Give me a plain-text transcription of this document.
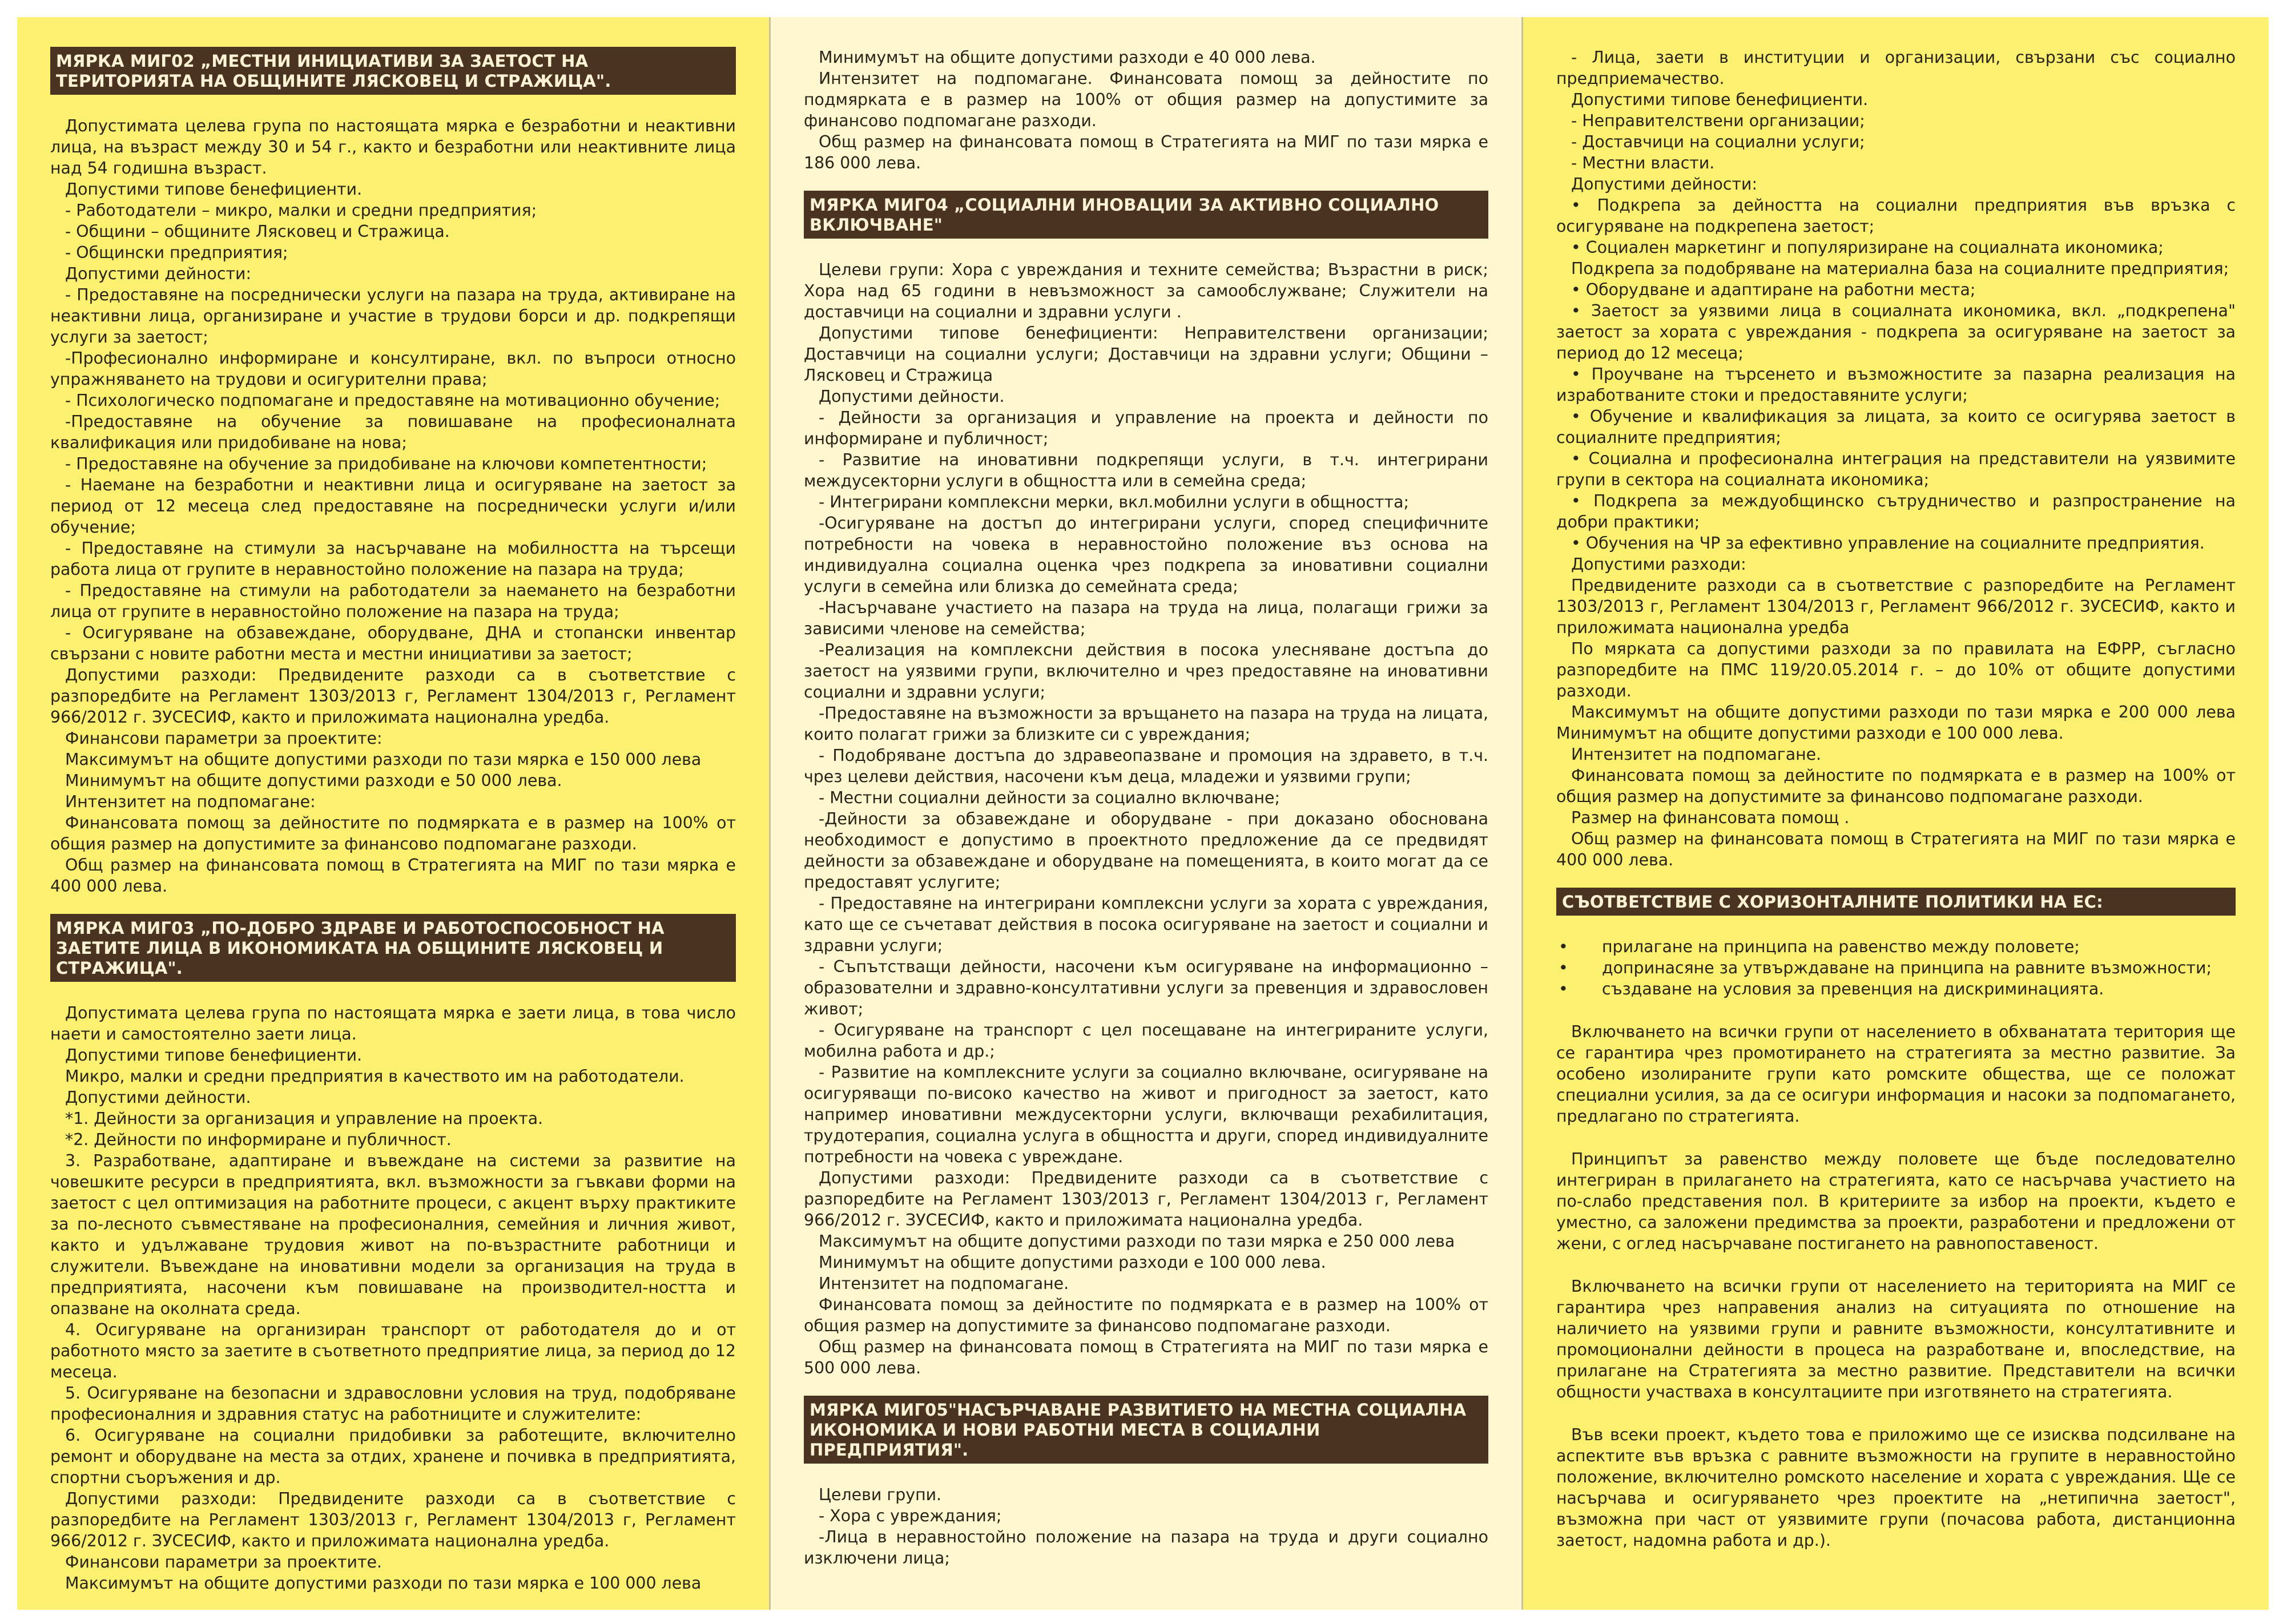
МЯРКА МИГ02 „МЕСТНИ ИНИЦИАТИВИ ЗА ЗАЕТОСТ НА ТЕРИТОРИЯТА НА ОБЩИНИТЕ ЛЯСКОВЕЦ И СТРАЖИЦА".

Допустимата целева група по настоящата мярка е безработни и неактивни лица, на възраст между 30 и 54 г., както и безработни или неактивните лица над 54 годишна възраст.

Допустими типове бенефициенти.

- Работодатели – микро, малки и средни предприятия;

- Общини – общините Лясковец и Стражица.

- Общински предприятия;

Допустими дейности:

- Предоставяне на посреднически услуги на пазара на труда, активиране на неактивни лица, организиране и участие в трудови борси и др. подкрепящи услуги за заетост;

-Професионално информиране и консултиране, вкл. по въпроси относно упражняването на трудови и осигурителни права;

- Психологическо подпомагане и предоставяне на мотивационно обучение;

-Предоставяне на обучение за повишаване на професионалната квалификация или придобиване на нова;

- Предоставяне на обучение за придобиване на ключови компетентности;

- Наемане на безработни и неактивни лица и осигуряване на заетост за период от 12 месеца след предоставяне на посреднически услуги и/или обучение;

- Предоставяне на стимули за насърчаване на мобилността на търсещи работа лица от групите в неравностойно положение на пазара на труда;

- Предоставяне на стимули на работодатели за наемането на безработни лица от групите в неравностойно положение на пазара на труда;

- Осигуряване на обзавеждане, оборудване, ДНА и стопански инвентар свързани с новите работни места и местни инициативи за заетост;

Допустими разходи: Предвидените разходи са в съответствие с разпоредбите на Регламент 1303/2013 г, Регламент 1304/2013 г, Регламент 966/2012 г. ЗУСЕСИФ, както и приложимата национална уредба.

Финансови параметри за проектите:

Максимумът на общите допустими разходи по тази мярка е 150 000 лева

Минимумът на общите допустими разходи е 50 000 лева.

Интензитет на подпомагане:

Финансовата помощ за дейностите по подмярката е в размер на 100% от общия размер на допустимите за финансово подпомагане разходи.

Общ размер на финансовата помощ в Стратегията на МИГ по тази мярка е 400 000 лева.

МЯРКА МИГ03 „ПО-ДОБРО ЗДРАВЕ И РАБОТОСПОСОБНОСТ НА ЗАЕТИТЕ ЛИЦА В ИКОНОМИКАТА НА ОБЩИНИТЕ ЛЯСКОВЕЦ И СТРАЖИЦА".

Допустимата целева група по настоящата мярка е заети лица, в това число наети и самостоятелно заети лица.

Допустими типове бенефициенти.

Микро, малки и средни предприятия в качеството им на работодатели.

Допустими дейности.

*1. Дейности за организация и управление на проекта.

*2. Дейности по информиране и публичност.

3. Разработване, адаптиране и въвеждане на системи за развитие на човешките ресурси в предприятията, вкл. възможности за гъвкави форми на заетост с цел оптимизация на работните процеси, с акцент върху практиките за по-лесното съвместяване на професионалния, семейния и личния живот, както и удължаване трудовия живот на по-възрастните работници и служители. Въвеждане на иновативни модели за организация на труда в предприятията, насочени към повишаване на производител-ността и опазване на околната среда.

4. Осигуряване на организиран транспорт от работодателя до и от работното място за заетите в съответното предприятие лица, за период до 12 месеца.

5. Осигуряване на безопасни и здравословни условия на труд, подобряване професионалния и здравния статус на работниците и служителите:

6. Осигуряване на социални придобивки за работещите, включително ремонт и оборудване на места за отдих, хранене и почивка в предприятията, спортни съоръжения и др.

Допустими разходи: Предвидените разходи са в съответствие с разпоредбите на Регламент 1303/2013 г, Регламент 1304/2013 г, Регламент 966/2012 г. ЗУСЕСИФ, както и приложимата национална уредба.

Финансови параметри за проектите.

Максимумът на общите допустими разходи по тази мярка е 100 000 лева

Минимумът на общите допустими разходи е 40 000 лева.

Интензитет на подпомагане. Финансовата помощ за дейностите по подмярката е в размер на 100% от общия размер на допустимите за финансово подпомагане разходи.

Общ размер на финансовата помощ в Стратегията на МИГ по тази мярка е 186 000 лева.

МЯРКА МИГ04 „СОЦИАЛНИ ИНОВАЦИИ ЗА АКТИВНО СОЦИАЛНО ВКЛЮЧВАНЕ"

Целеви групи: Хора с увреждания и техните семейства; Възрастни в риск; Хора над 65 години в невъзможност за самообслужване; Служители на доставчици на социални и здравни услуги .

Допустими типове бенефициенти: Неправителствени организации; Доставчици на социални услуги; Доставчици на здравни услуги; Общини – Лясковец и Стражица

Допустими дейности.

- Дейности за организация и управление на проекта и дейности по информиране и публичност;

- Развитие на иновативни подкрепящи услуги, в т.ч. интегрирани междусекторни услуги в общността или в семейна среда;

- Интегрирани комплексни мерки, вкл.мобилни услуги в общността;

-Осигуряване на достъп до интегрирани услуги, според специфичните потребности на човека в неравностойно положение въз основа на индивидуална социална оценка чрез подкрепа за иновативни социални услуги в семейна или близка до семейната среда;

-Насърчаване участието на пазара на труда на лица, полагащи грижи за зависими членове на семейства;

-Реализация на комплексни действия в посока улесняване достъпа до заетост на уязвими групи, включително и чрез предоставяне на иновативни социални и здравни услуги;

-Предоставяне на възможности за връщането на пазара на труда на лицата, които полагат грижи за близките си с увреждания;

- Подобряване достъпа до здравеопазване и промоция на здравето, в т.ч. чрез целеви действия, насочени към деца, младежи и уязвими групи;

- Местни социални дейности за социално включване;

-Дейности за обзавеждане и оборудване - при доказано обоснована необходимост е допустимо в проектното предложение да се предвидят дейности за обзавеждане и оборудване на помещенията, в които могат да се предоставят услугите;

- Предоставяне на интегрирани комплексни услуги за хората с увреждания, като ще се съчетават действия в посока осигуряване на заетост и социални и здравни услуги;

- Съпътстващи дейности, насочени към осигуряване на информационно – образователни и здравно-консултативни услуги за превенция и здравословен живот;

- Осигуряване на транспорт с цел посещаване на интегрираните услуги, мобилна работа и др.;

- Развитие на комплексните услуги за социално включване, осигуряване на осигуряващи по-високо качество на живот и пригодност за заетост, като например иновативни междусекторни услуги, включващи рехабилитация, трудотерапия, социална услуга в общността и други, според индивидуалните потребности на човека с увреждане.

Допустими разходи: Предвидените разходи са в съответствие с разпоредбите на Регламент 1303/2013 г, Регламент 1304/2013 г, Регламент 966/2012 г. ЗУСЕСИФ, както и приложимата национална уредба.

Максимумът на общите допустими разходи по тази мярка е 250 000 лева

Минимумът на общите допустими разходи е 100 000 лева.

Интензитет на подпомагане.

Финансовата помощ за дейностите по подмярката е в размер на 100% от общия размер на допустимите за финансово подпомагане разходи.

Общ размер на финансовата помощ в Стратегията на МИГ по тази мярка е 500 000 лева.

МЯРКА МИГ05"НАСЪРЧАВАНЕ РАЗВИТИЕТО НА МЕСТНА СОЦИАЛНА ИКОНОМИКА И НОВИ РАБОТНИ МЕСТА В СОЦИАЛНИ ПРЕДПРИЯТИЯ".

Целеви групи.

- Хора с увреждания;

-Лица в неравностойно положение на пазара на труда и други социално изключени лица;

- Лица, заети в институции и организации, свързани със социално предприемачество.

Допустими типове бенефициенти.

- Неправителствени организации;

- Доставчици на социални услуги;

- Местни власти.

Допустими дейности:

• Подкрепа за дейността на социални предприятия във връзка с осигуряване на подкрепена заетост;

• Социален маркетинг и популяризиране на социалната икономика;

Подкрепа за подобряване на материална база на социалните предприятия;

• Оборудване и адаптиране на работни места;

• Заетост за уязвими лица в социалната икономика, вкл. „подкрепена" заетост за хората с увреждания - подкрепа за осигуряване на заетост за период до 12 месеца;

• Проучване на търсенето и възможностите за пазарна реализация на изработваните стоки и предоставяните услуги;

• Обучение и квалификация за лицата, за които се осигурява заетост в социалните предприятия;

• Социална и професионална интеграция на представители на уязвимите групи в сектора на социалната икономика;

• Подкрепа за междуобщинско сътрудничество и разпространение на добри практики;

• Обучения на ЧР за ефективно управление на социалните предприятия.

Допустими разходи:

Предвидените разходи са в съответствие с разпоредбите на Регламент 1303/2013 г, Регламент 1304/2013 г, Регламент 966/2012 г. ЗУСЕСИФ, както и приложимата национална уредба

По мярката са допустими разходи за по правилата на ЕФРР, съгласно разпоредбите на ПМС 119/20.05.2014 г. – до 10% от общите допустими разходи.

Максимумът на общите допустими разходи по тази мярка е 200 000 лева Минимумът на общите допустими разходи е 100 000 лева.

Интензитет на подпомагане.

Финансовата помощ за дейностите по подмярката е в размер на 100% от общия размер на допустимите за финансово подпомагане разходи.

Размер на финансовата помощ .

Общ размер на финансовата помощ в Стратегията на МИГ по тази мярка е 400 000 лева.

СЪОТВЕТСТВИЕ С ХОРИЗОНТАЛНИТЕ ПОЛИТИКИ НА ЕС:
• прилагане на принципа на равенство между половете;
• допринасяне за утвърждаване на принципа на равните възможности;
• създаване на условия за превенция на дискриминацията.

Включването на всички групи от населението в обхванатата територия ще се гарантира чрез промотирането на стратегията за местно развитие. За особено изолираните групи като ромските общества, ще се положат специални усилия, за да се осигури информация и насоки за подпомагането, предлагано по стратегията.

Принципът за равенство между половете ще бъде последователно интегриран в прилагането на стратегията, като се насърчава участието на по-слабо представения пол. В критериите за избор на проекти, където е уместно, са заложени предимства за проекти, разработени и предложени от жени, с оглед насърчаване постигането на равнопоставеност.

Включването на всички групи от населението на територията на МИГ се гарантира чрез направения анализ на ситуацията по отношение на наличието на уязвими групи и равните възможности, консултативните и промоционални дейности в процеса на разработване и, впоследствие, на прилагане на Стратегията за местно развитие. Представители на всички общности участваха в консултациите при изготвянето на стратегията.

Във всеки проект, където това е приложимо ще се изисква подсилване на аспектите във връзка с равните възможности на групите в неравностойно положение, включително ромското население и хората с увреждания. Ще се насърчава и осигуряването чрез проектите на „нетипична заетост", възможна при част от уязвимите групи (почасова работа, дистанционна заетост, надомна работа и др.).
